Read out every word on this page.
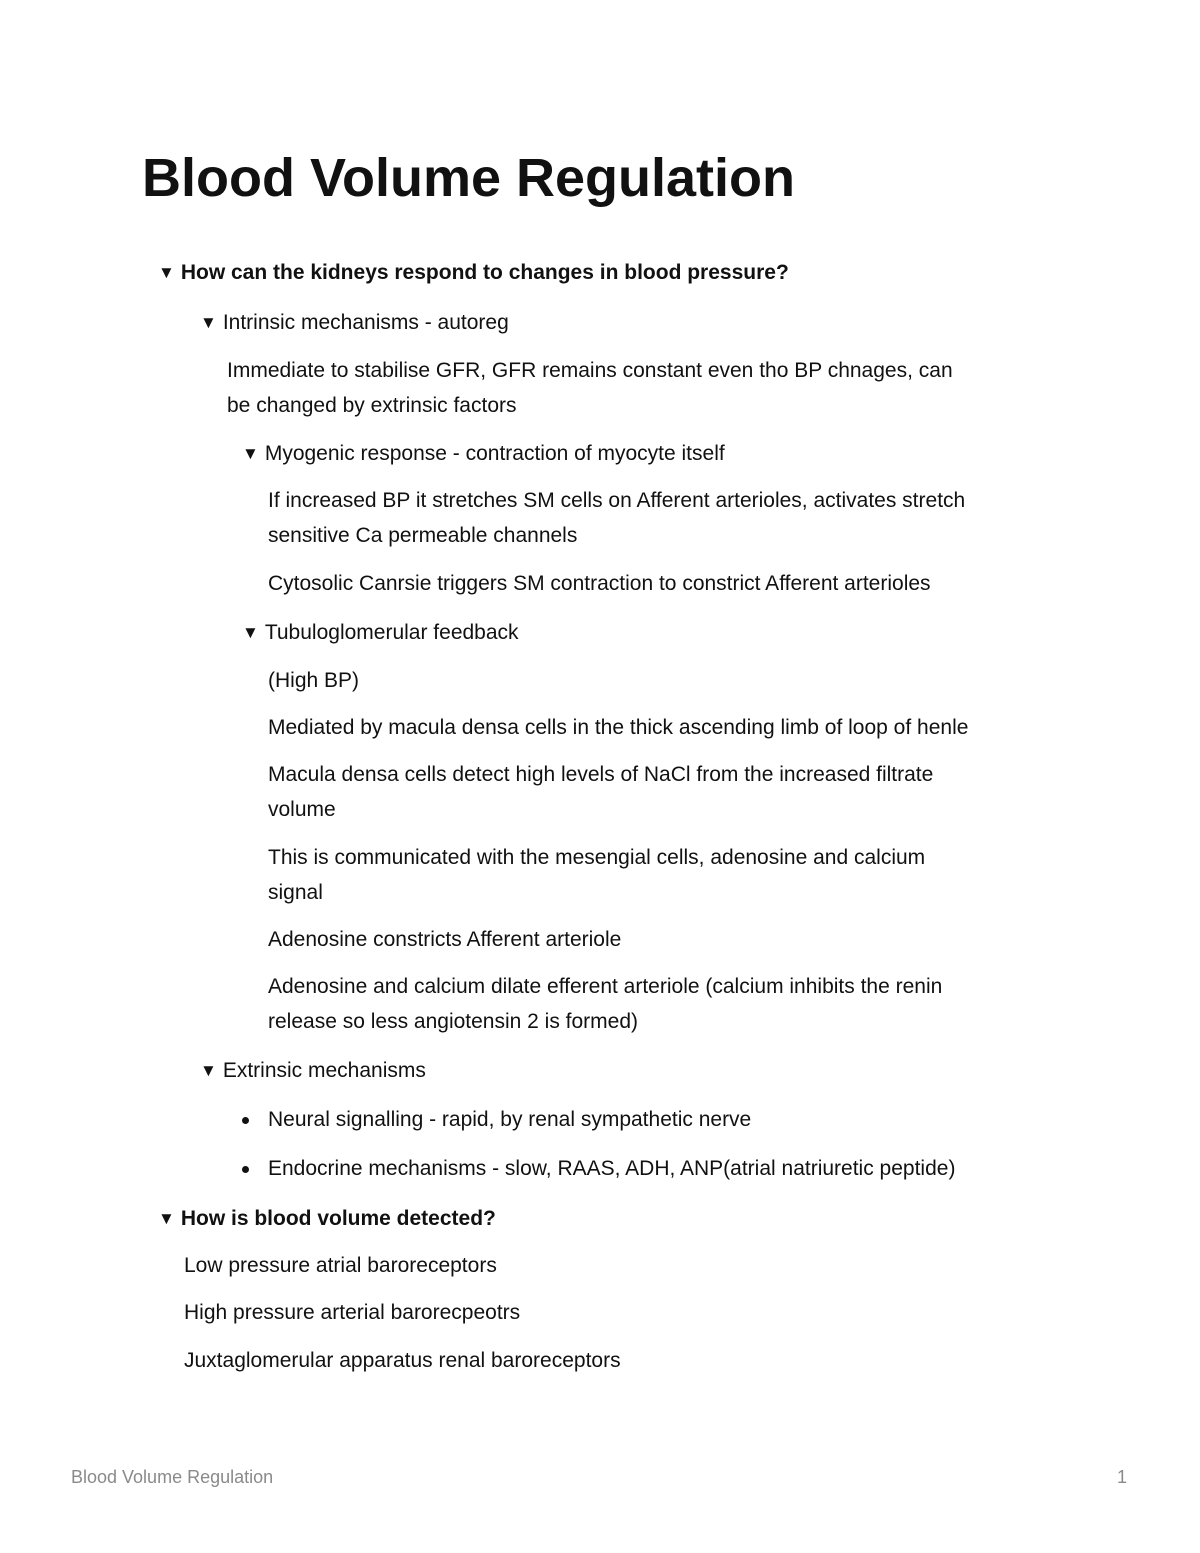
Blood Volume Regulation
▼ How can the kidneys respond to changes in blood pressure?
▼ Intrinsic mechanisms - autoreg
Immediate to stabilise GFR, GFR remains constant even tho BP chnages, can
be changed by extrinsic factors
▼ Myogenic response - contraction of myocyte itself
If increased BP it stretches SM cells on Afferent arterioles, activates stretch
sensitive Ca permeable channels
Cytosolic Canrsie triggers SM contraction to constrict Afferent arterioles
▼ Tubuloglomerular feedback
(High BP)
Mediated by macula densa cells in the thick ascending limb of loop of henle
Macula densa cells detect high levels of NaCl from the increased filtrate
volume
This is communicated with the mesengial cells, adenosine and calcium
signal
Adenosine constricts Afferent arteriole
Adenosine and calcium dilate efferent arteriole (calcium inhibits the renin
release so less angiotensin 2 is formed)
▼ Extrinsic mechanisms
Neural signalling - rapid, by renal sympathetic nerve
Endocrine mechanisms - slow, RAAS, ADH, ANP(atrial natriuretic peptide)
▼ How is blood volume detected?
Low pressure atrial baroreceptors
High pressure arterial barorecpeotrs
Juxtaglomerular apparatus renal baroreceptors
Blood Volume Regulation	1
